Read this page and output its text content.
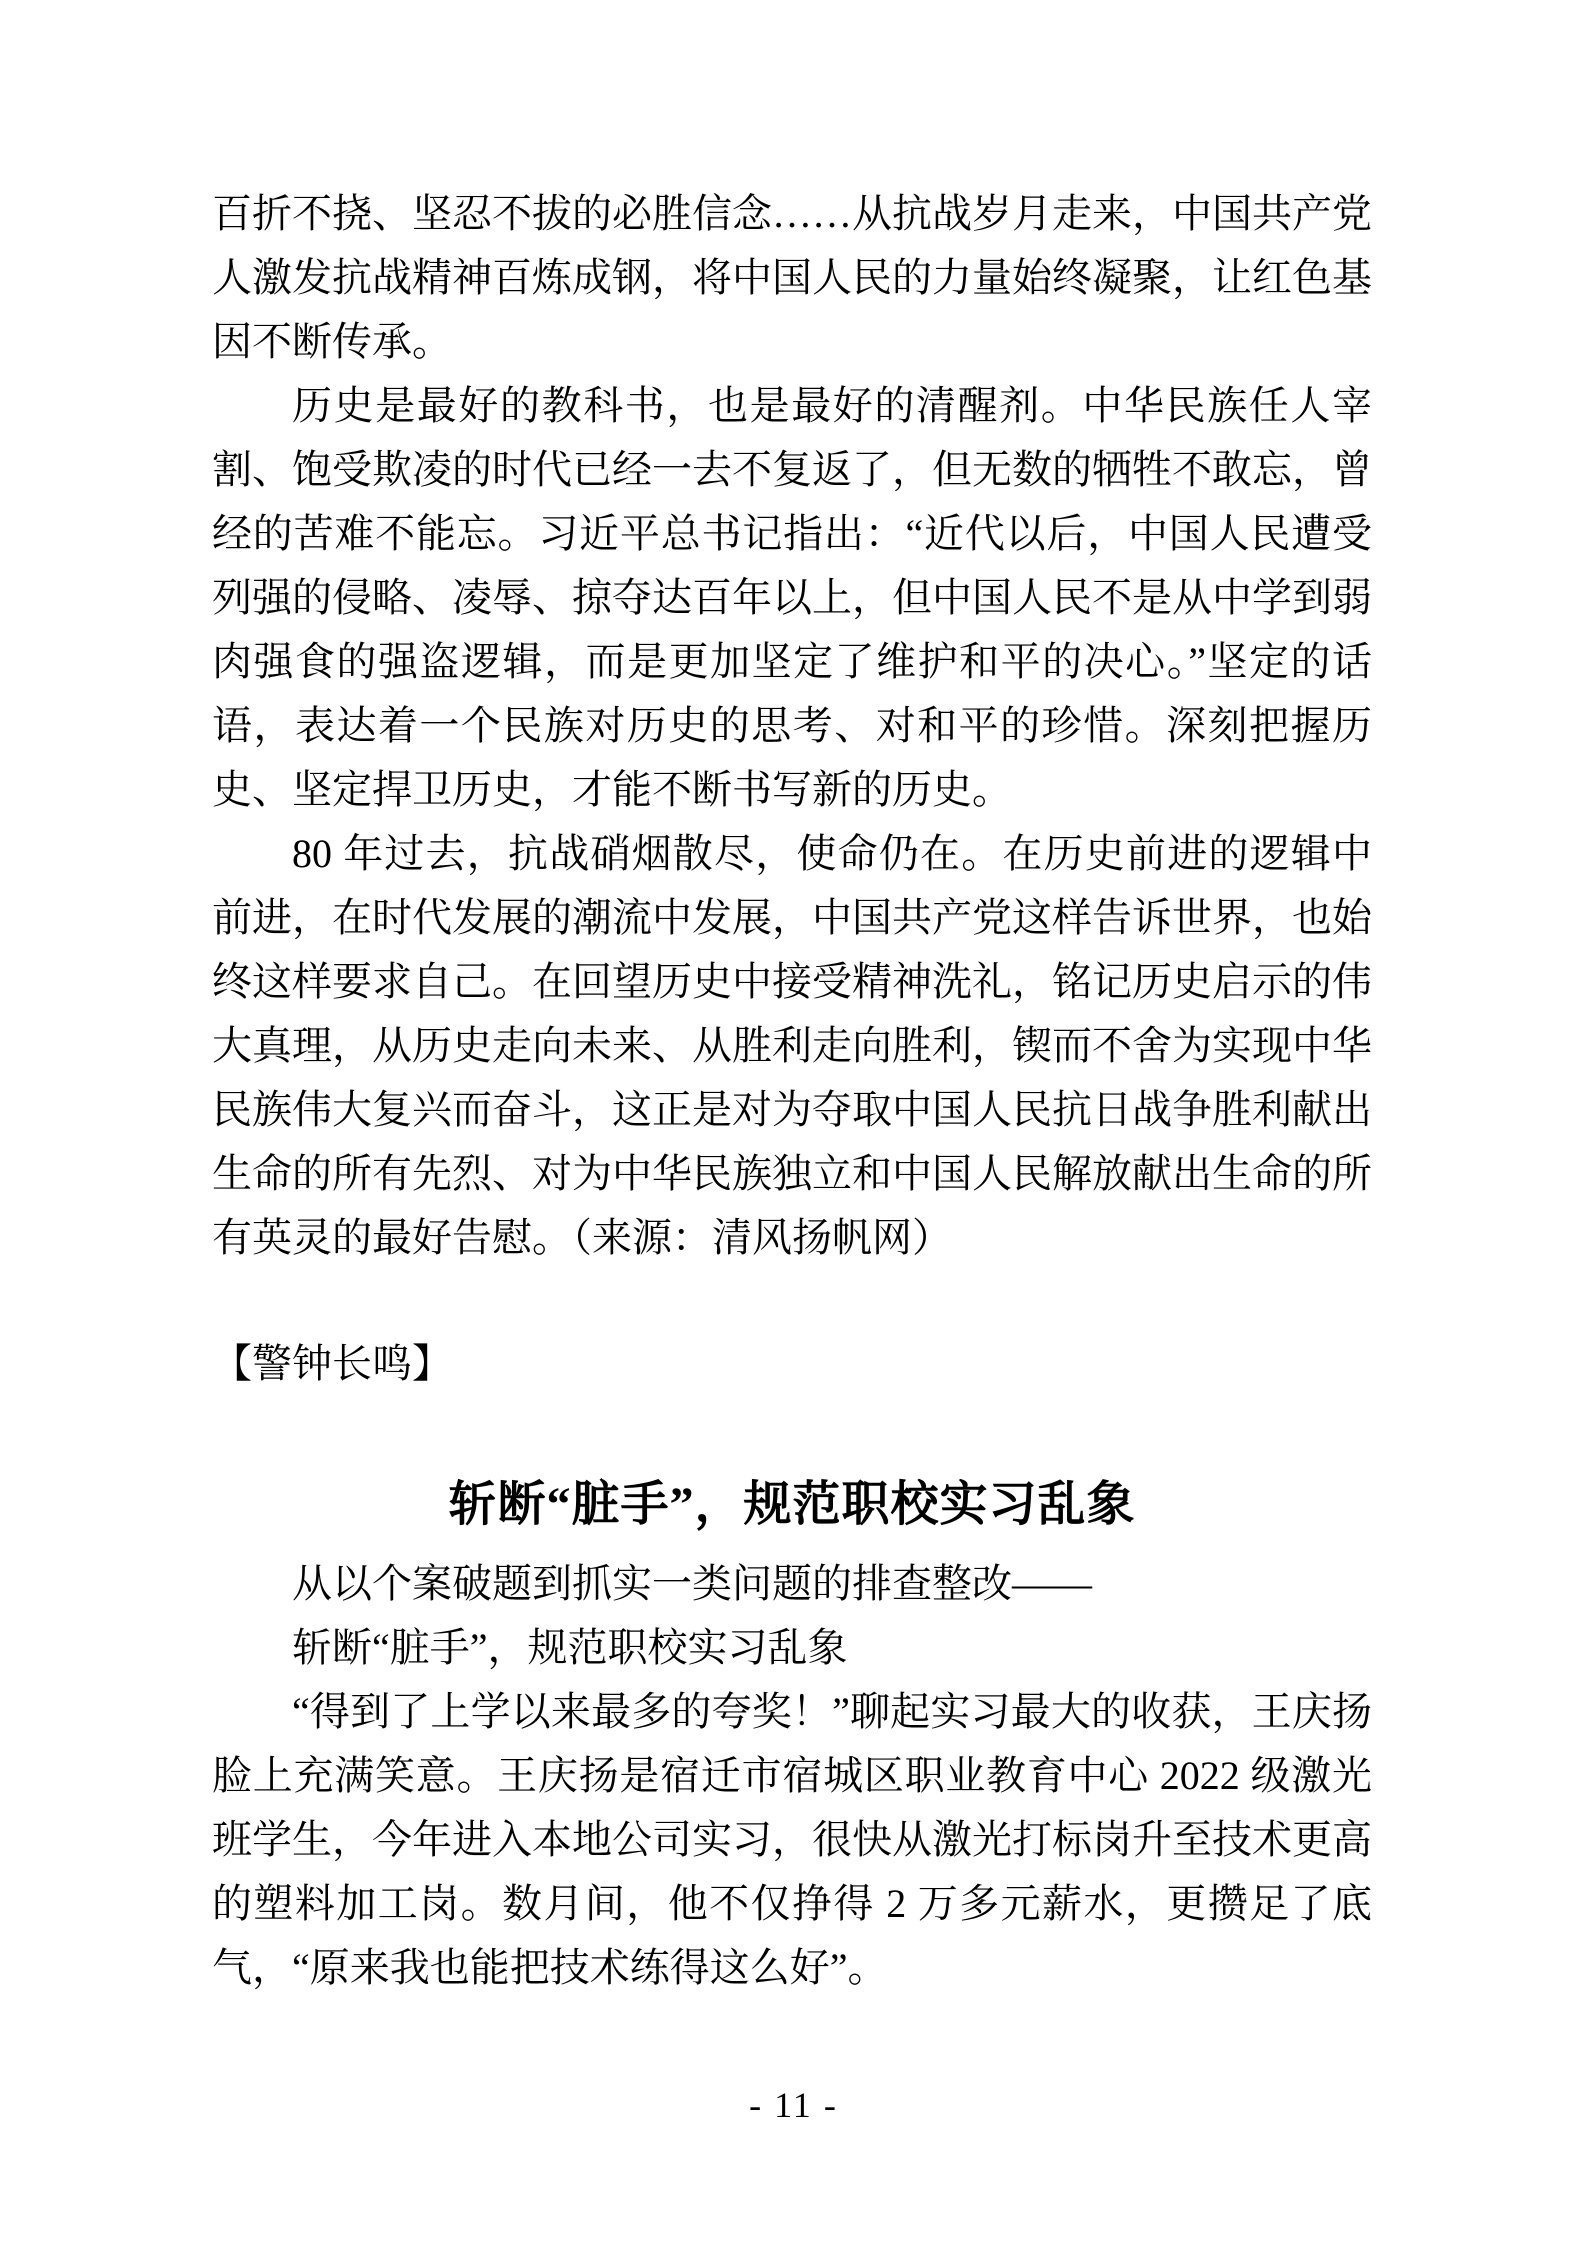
百折不挠、坚忍不拔的必胜信念……从抗战岁月走来，中国共产党人激发抗战精神百炼成钢，将中国人民的力量始终凝聚，让红色基因不断传承。

历史是最好的教科书，也是最好的清醒剂。中华民族任人宰割、饱受欺凌的时代已经一去不复返了，但无数的牺牲不敢忘，曾经的苦难不能忘。习近平总书记指出：“近代以后，中国人民遭受列强的侵略、凌辱、掠夺达百年以上，但中国人民不是从中学到弱肉强食的强盗逻辑，而是更加坚定了维护和平的决心。”坚定的话语，表达着一个民族对历史的思考、对和平的珍惜。深刻把握历史、坚定捍卫历史，才能不断书写新的历史。

80 年过去，抗战硝烟散尽，使命仍在。在历史前进的逻辑中前进，在时代发展的潮流中发展，中国共产党这样告诉世界，也始终这样要求自己。在回望历史中接受精神洗礼，铭记历史启示的伟大真理，从历史走向未来、从胜利走向胜利，锲而不舍为实现中华民族伟大复兴而奋斗，这正是对为夺取中国人民抗日战争胜利献出生命的所有先烈、对为中华民族独立和中国人民解放献出生命的所有英灵的最好告慰。（来源：清风扬帆网）

【警钟长鸣】
斩断“脏手”，规范职校实习乱象

从以个案破题到抓实一类问题的排查整改——

斩断“脏手”，规范职校实习乱象

“得到了上学以来最多的夸奖！”聊起实习最大的收获，王庆扬脸上充满笑意。王庆扬是宿迁市宿城区职业教育中心 2022 级激光班学生，今年进入本地公司实习，很快从激光打标岗升至技术更高的塑料加工岗。数月间，他不仅挣得 2 万多元薪水，更攒足了底气，“原来我也能把技术练得这么好”。

- 11 -
